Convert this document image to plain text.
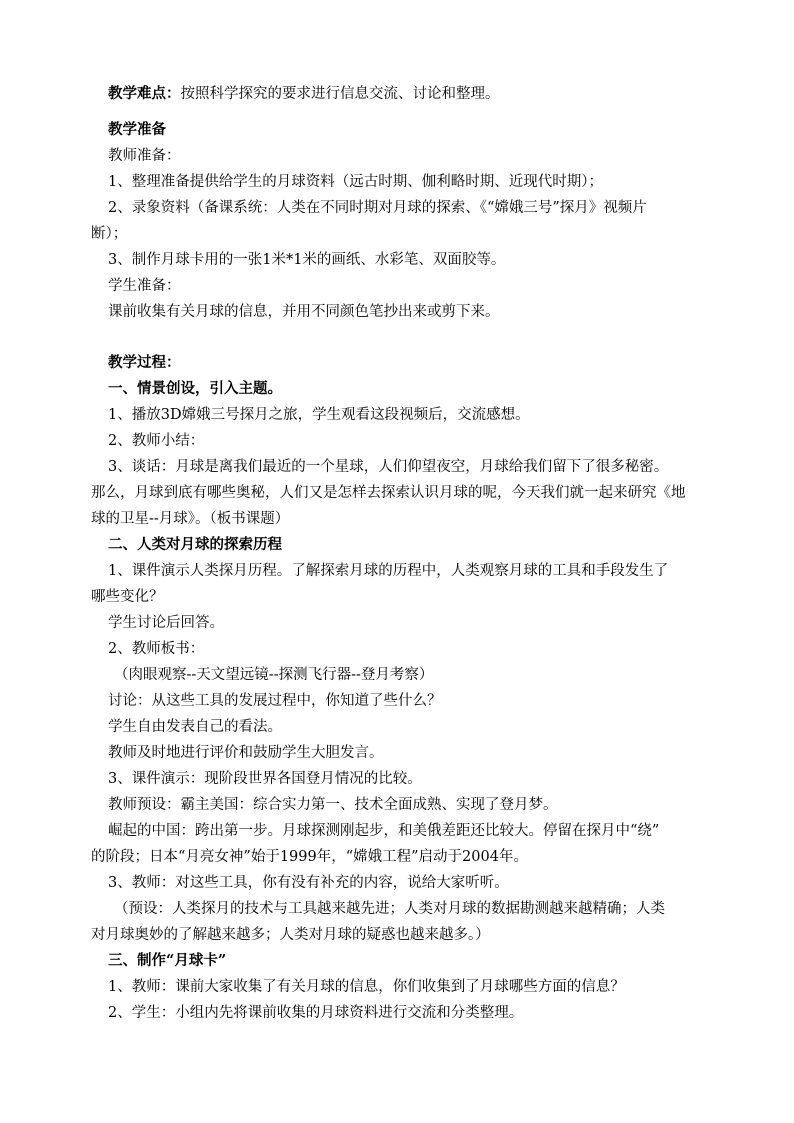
教学难点：按照科学探究的要求进行信息交流、讨论和整理。

教学准备

教师准备：

1、整理准备提供给学生的月球资料（远古时期、伽利略时期、近现代时期）；

2、录象资料（备课系统：人类在不同时期对月球的探索、《“嫦娥三号”探月》视频片

断）；

3、制作月球卡用的一张1米*1米的画纸、水彩笔、双面胶等。

学生准备：

课前收集有关月球的信息，并用不同颜色笔抄出来或剪下来。

教学过程：

一、情景创设，引入主题。

1、播放3D嫦娥三号探月之旅，学生观看这段视频后，交流感想。

2、教师小结：

3、谈话：月球是离我们最近的一个星球，人们仰望夜空，月球给我们留下了很多秘密。

那么，月球到底有哪些奥秘，人们又是怎样去探索认识月球的呢，今天我们就一起来研究《地

球的卫星--月球》。（板书课题）

二、人类对月球的探索历程

1、课件演示人类探月历程。了解探索月球的历程中，人类观察月球的工具和手段发生了

哪些变化？

学生讨论后回答。

2、教师板书：

（肉眼观察--天文望远镜--探测飞行器--登月考察）

讨论：从这些工具的发展过程中，你知道了些什么？

学生自由发表自己的看法。

教师及时地进行评价和鼓励学生大胆发言。

3、课件演示：现阶段世界各国登月情况的比较。

教师预设：霸主美国：综合实力第一、技术全面成熟、实现了登月梦。

崛起的中国：跨出第一步。月球探测刚起步，和美俄差距还比较大。停留在探月中“绕”

的阶段；日本“月亮女神”始于1999年，“嫦娥工程”启动于2004年。

3、教师：对这些工具，你有没有补充的内容，说给大家听听。

（预设：人类探月的技术与工具越来越先进；人类对月球的数据勘测越来越精确；人类

对月球奥妙的了解越来越多；人类对月球的疑惑也越来越多。）

三、制作“月球卡”

1、教师：课前大家收集了有关月球的信息，你们收集到了月球哪些方面的信息？

2、学生：小组内先将课前收集的月球资料进行交流和分类整理。
